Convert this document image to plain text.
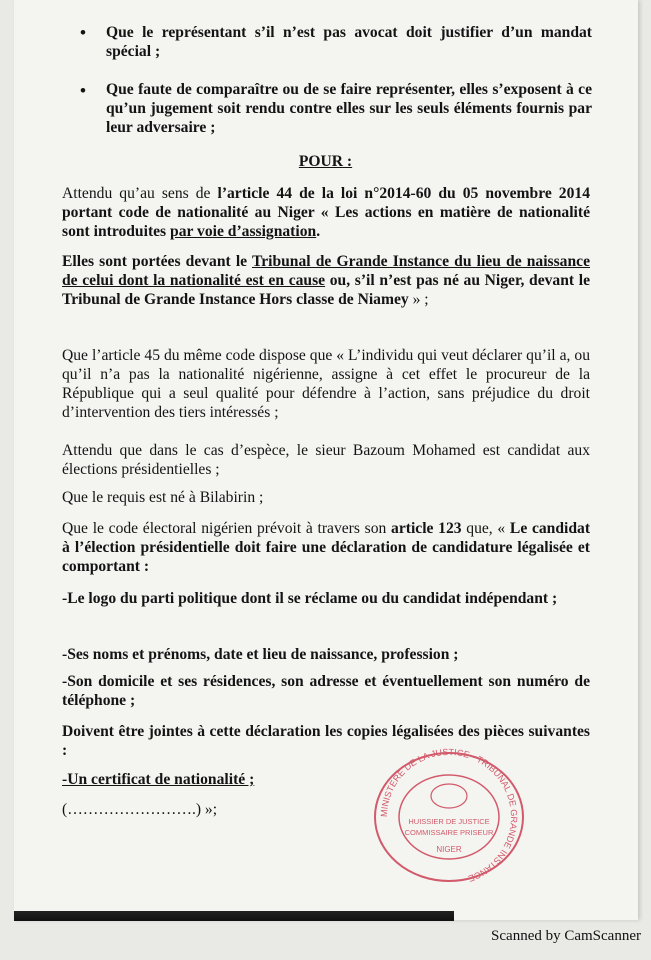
• Que le représentant s’il n’est pas avocat doit justifier d’un mandat spécial ;
• Que faute de comparaître ou de se faire représenter, elles s’exposent à ce qu’un jugement soit rendu contre elles sur les seuls éléments fournis par leur adversaire ;
POUR :
Attendu qu’au sens de l’article 44 de la loi n°2014-60 du 05 novembre 2014 portant code de nationalité au Niger « Les actions en matière de nationalité sont introduites par voie d’assignation.
Elles sont portées devant le Tribunal de Grande Instance du lieu de naissance de celui dont la nationalité est en cause ou, s’il n’est pas né au Niger, devant le Tribunal de Grande Instance Hors classe de Niamey » ;
Que l’article 45 du même code dispose que « L’individu qui veut déclarer qu’il a, ou qu’il n’a pas la nationalité nigérienne, assigne à cet effet le procureur de la République qui a seul qualité pour défendre à l’action, sans préjudice du droit d’intervention des tiers intéressés ;
Attendu que dans le cas d’espèce, le sieur Bazoum Mohamed est candidat aux élections présidentielles ;
Que le requis est né à Bilabirin ;
Que le code électoral nigérien prévoit à travers son article 123 que, « Le candidat à l’élection présidentielle doit faire une déclaration de candidature légalisée et comportant :
-Le logo du parti politique dont il se réclame ou du candidat indépendant ;
-Ses noms et prénoms, date et lieu de naissance, profession ;
-Son domicile et ses résidences, son adresse et éventuellement son numéro de téléphone ;
Doivent être jointes à cette déclaration les copies légalisées des pièces suivantes :
-Un certificat de nationalité ;
(…………………….) »;	MINISTERE DE LA JUSTICE · TRIBUNAL DE GRANDE INSTANCE
HUISSIER DE JUSTICE
COMMISSAIRE PRISEUR
NIGER
Scanned by CamScanner
